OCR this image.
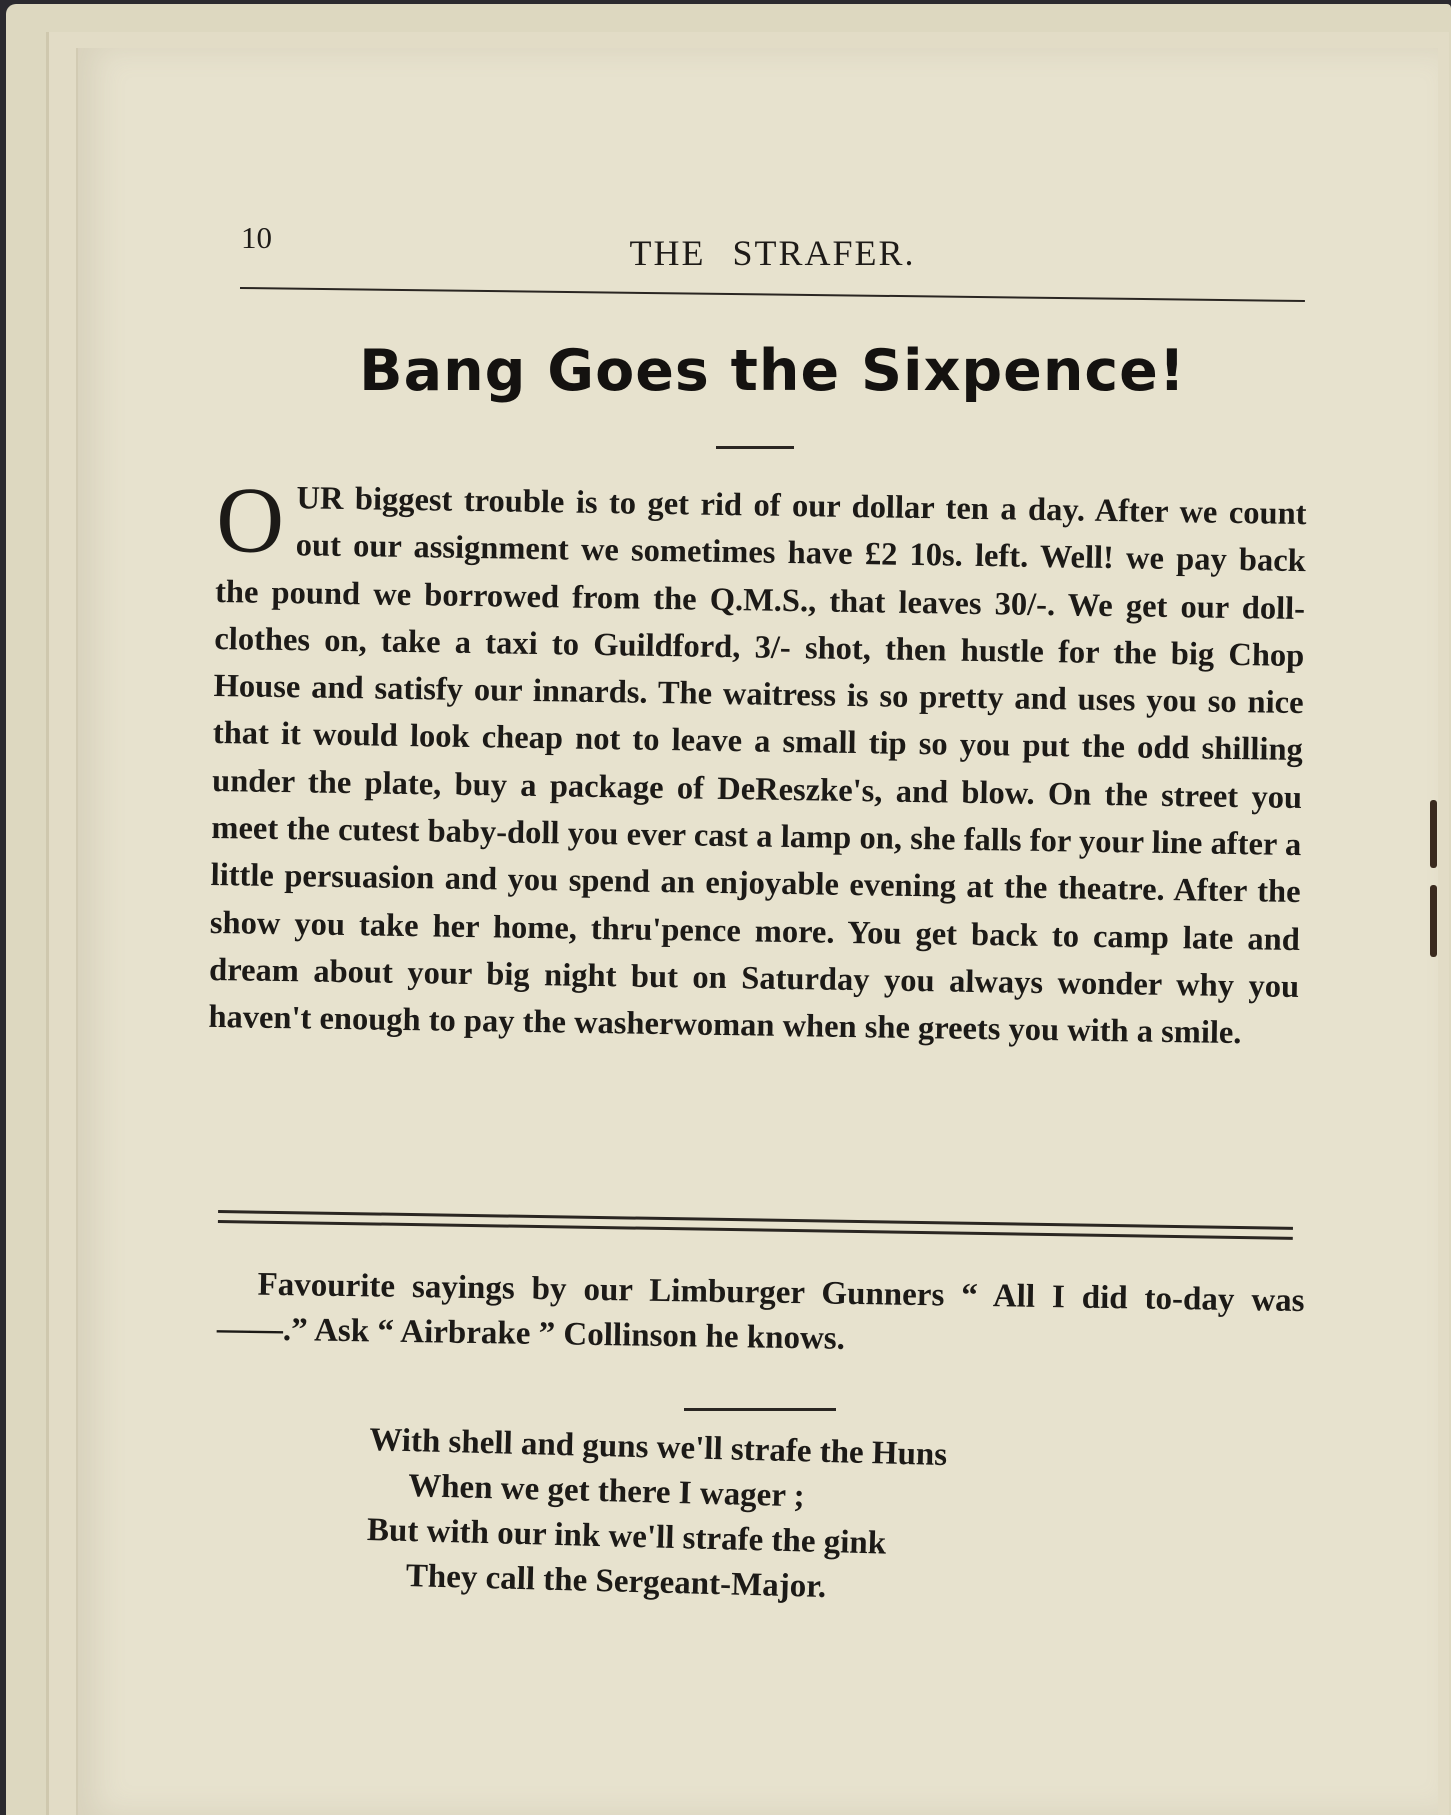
10	THE STRAFER.
Bang Goes the Sixpence!
OUR biggest trouble is to get rid of our dollar ten a day. After we count out our assignment we sometimes have £2 10s. left. Well! we pay back the pound we borrowed from the Q.M.S., that leaves 30/-. We get our doll-clothes on, take a taxi to Guildford, 3/- shot, then hustle for the big Chop House and satisfy our innards. The waitress is so pretty and uses you so nice that it would look cheap not to leave a small tip so you put the odd shilling under the plate, buy a package of DeReszke's, and blow. On the street you meet the cutest baby-doll you ever cast a lamp on, she falls for your line after a little persuasion and you spend an enjoyable evening at the theatre. After the show you take her home, thru'pence more. You get back to camp late and dream about your big night but on Saturday you always wonder why you haven't enough to pay the washerwoman when she greets you with a smile.
Favourite sayings by our Limburger Gunners “ All I did to-day was ——.” Ask “ Airbrake ” Collinson he knows.
With shell and guns we'll strafe the Huns
When we get there I wager ;
But with our ink we'll strafe the gink
They call the Sergeant-Major.
